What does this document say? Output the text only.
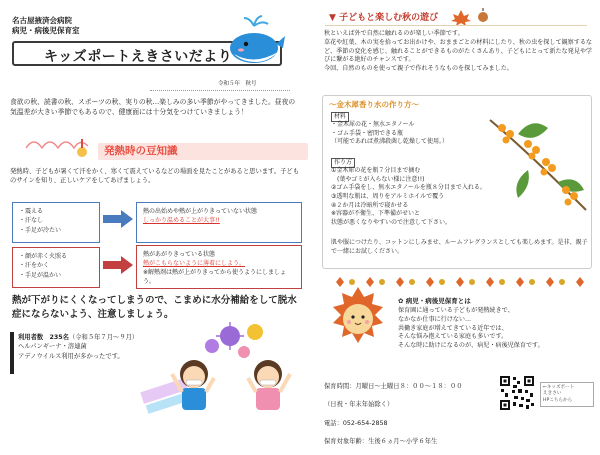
名古屋掖済会病院
病児・病後児保育室
キッズポートえきさいだより
令和５年　秋号
食欲の秋、読書の秋、スポーツの秋、実りの秋…楽しみの多い季節がやってきました。昼夜の気温差が大きい季節でもあるので、健康面には十分気をつけていきましょう！
発熱時の豆知識
発熱時、子どもが暑くて汗をかく、寒くて震えているなどの場面を見たことがあると思います。子どものサインを知り、正しいケアをしてあげましょう。
・震える
・汗なし
・手足が冷たい
熱の出始めや熱が上がりきっていない状態
しっかり温めることが大事!!
・顔が赤く火照る
・汗をかく
・手足が温かい
熱があがりきっている状態
熱がこもらないように薄着にしよう。
※解熱剤は熱が上がりきってから使うようにしましょう。
熱が下がりにくくなってしまうので、こまめに水分補給をして脱水症にならないよう、注意しましょう。
利用者数　 235名（令和５年７月～９月）
ヘルパンギーナ・溶連菌
アデノウイルス利用が多かったです。
▼ 子どもと楽しむ秋の遊び
秋といえば外で自然に触れるのが楽しい季節です。
草花や紅葉、木の実を拾ってお出かけや、おままごとの材料にしたり、秋の虫を探して観察するなど、季節の変化を感じ、触れることができるものがたくさんあり、子どもにとって新たな発見や学びに繋がる絶好のチャンスです。
今回、自然のものを使って親子で作れそうなものを探してみました。
～金木犀香り水の作り方～
材料
・金木犀の花・無水エタノール
・ゴム手袋・密閉できる瓶
（可能であれば煮沸殺菌し乾燥して使用。）
作り方
①金木犀の花を瓶７分目まで摘む
　(葉やゴミが入らない様に注意!!)
②ゴム手袋をし、無水エタノールを瓶８分目まで入れる。
③透明な瓶は、周りをアルミホイルで覆う
④２か月は冷暗所で寝かせる
※容器が不衛生、下準備がせいと
状態が悪くなりやすいので注意して下さい。
肌や服につけたり、コットンにしみませ、ルームフレグランスとしても楽しめます。是非、親子で一緒にお試しください。
✿ 病児・病後児保育とは
保育園に通っている子どもが発熱続きで、
なかなか仕事に行けない…
共働き家庭が増えてきている近年では、
そんな悩み抱えている家庭も多いです。
そんな時に助けになるのが、病児・病後児保育です。

保育時間：月曜日～土曜日８：００～１８：００

（日祝・年末年始除く）

電話：052-654-2858

保育対象年齢：生後６ヵ月～小学６年生

←キッズポート
えきさい
HPこちらから
